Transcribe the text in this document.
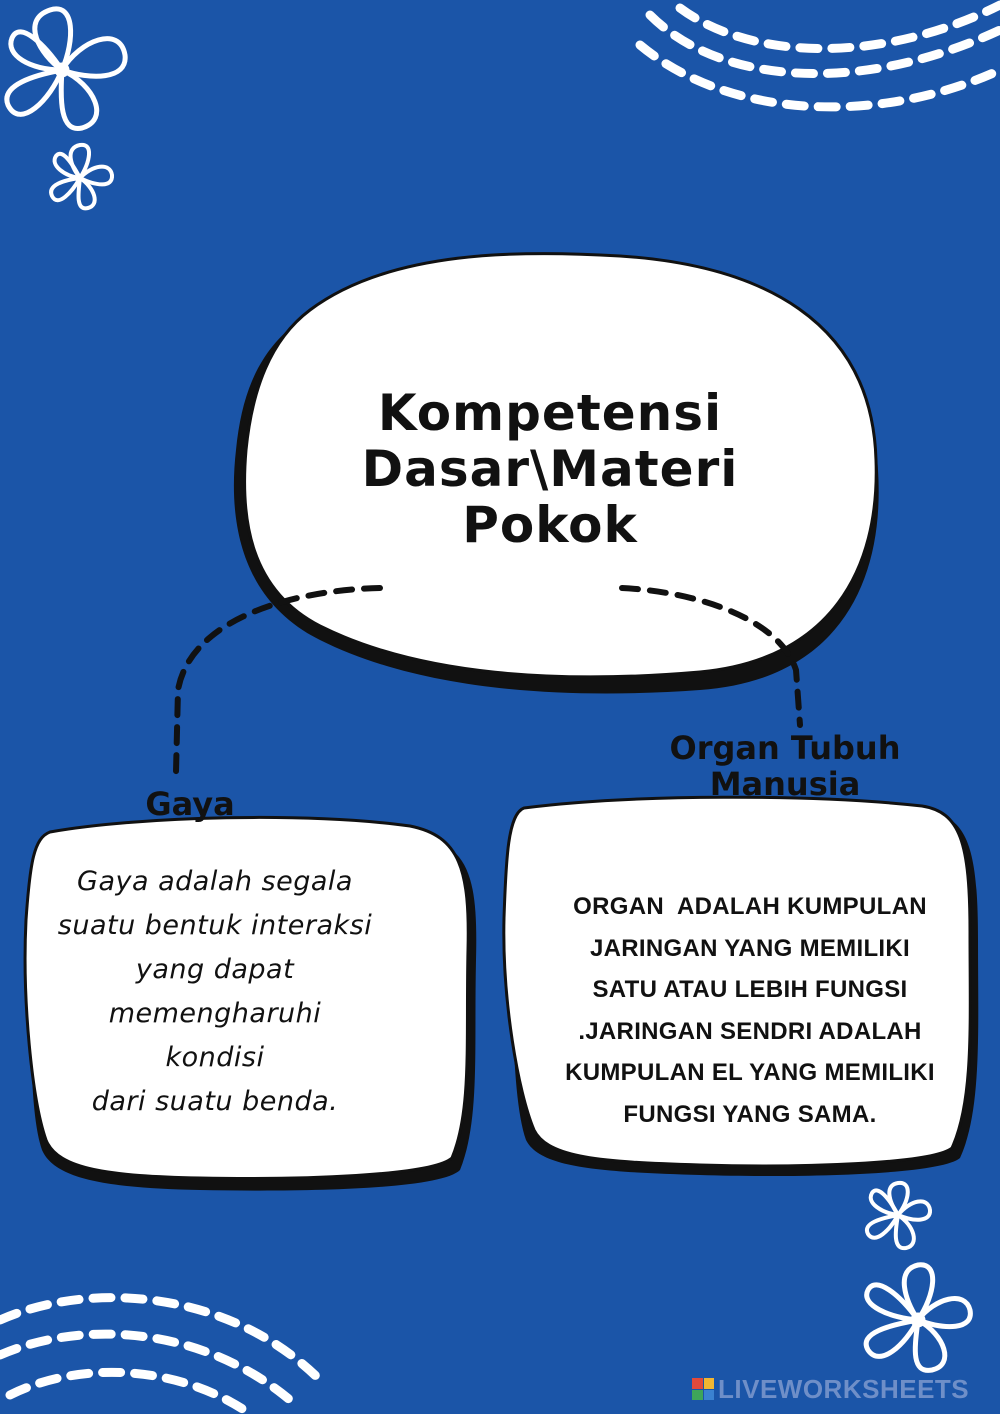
Kompetensi
Dasar\Materi
Pokok
Gaya
Organ Tubuh
Manusia
Gaya adalah segala
suatu bentuk interaksi
yang dapat
memengharuhi kondisi
dari suatu benda.
ORGAN  ADALAH KUMPULAN
JARINGAN YANG MEMILIKI
SATU ATAU LEBIH FUNGSI
.JARINGAN SENDRI ADALAH
KUMPULAN EL YANG MEMILIKI
FUNGSI YANG SAMA.
LIVEWORKSHEETS
